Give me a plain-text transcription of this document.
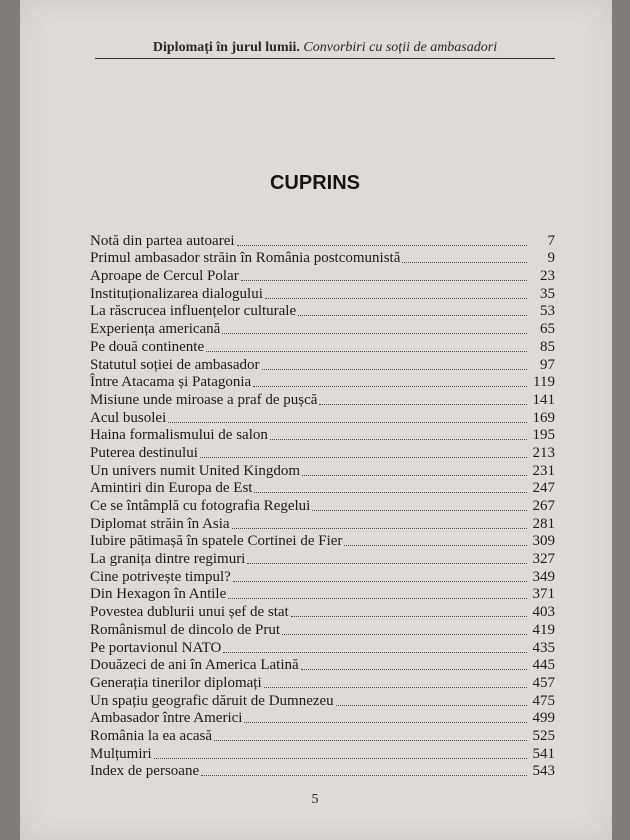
Diplomați în jurul lumii. Convorbiri cu soții de ambasadori
CUPRINS
Notă din partea autoarei	7
Primul ambasador străin în România postcomunistă	9
Aproape de Cercul Polar	23
Instituționalizarea dialogului	35
La răscrucea influențelor culturale	53
Experiența americană	65
Pe două continente	85
Statutul soției de ambasador	97
Între Atacama și Patagonia	119
Misiune unde miroase a praf de pușcă	141
Acul busolei	169
Haina formalismului de salon	195
Puterea destinului	213
Un univers numit United Kingdom	231
Amintiri din Europa de Est	247
Ce se întâmplă cu fotografia Regelui	267
Diplomat străin în Asia	281
Iubire pătimașă în spatele Cortinei de Fier	309
La granița dintre regimuri	327
Cine potrivește timpul?	349
Din Hexagon în Antile	371
Povestea dublurii unui șef de stat	403
Românismul de dincolo de Prut	419
Pe portavionul NATO	435
Douăzeci de ani în America Latină	445
Generația tinerilor diplomați	457
Un spațiu geografic dăruit de Dumnezeu	475
Ambasador între Americi	499
România la ea acasă	525
Mulțumiri	541
Index de persoane	543
5
